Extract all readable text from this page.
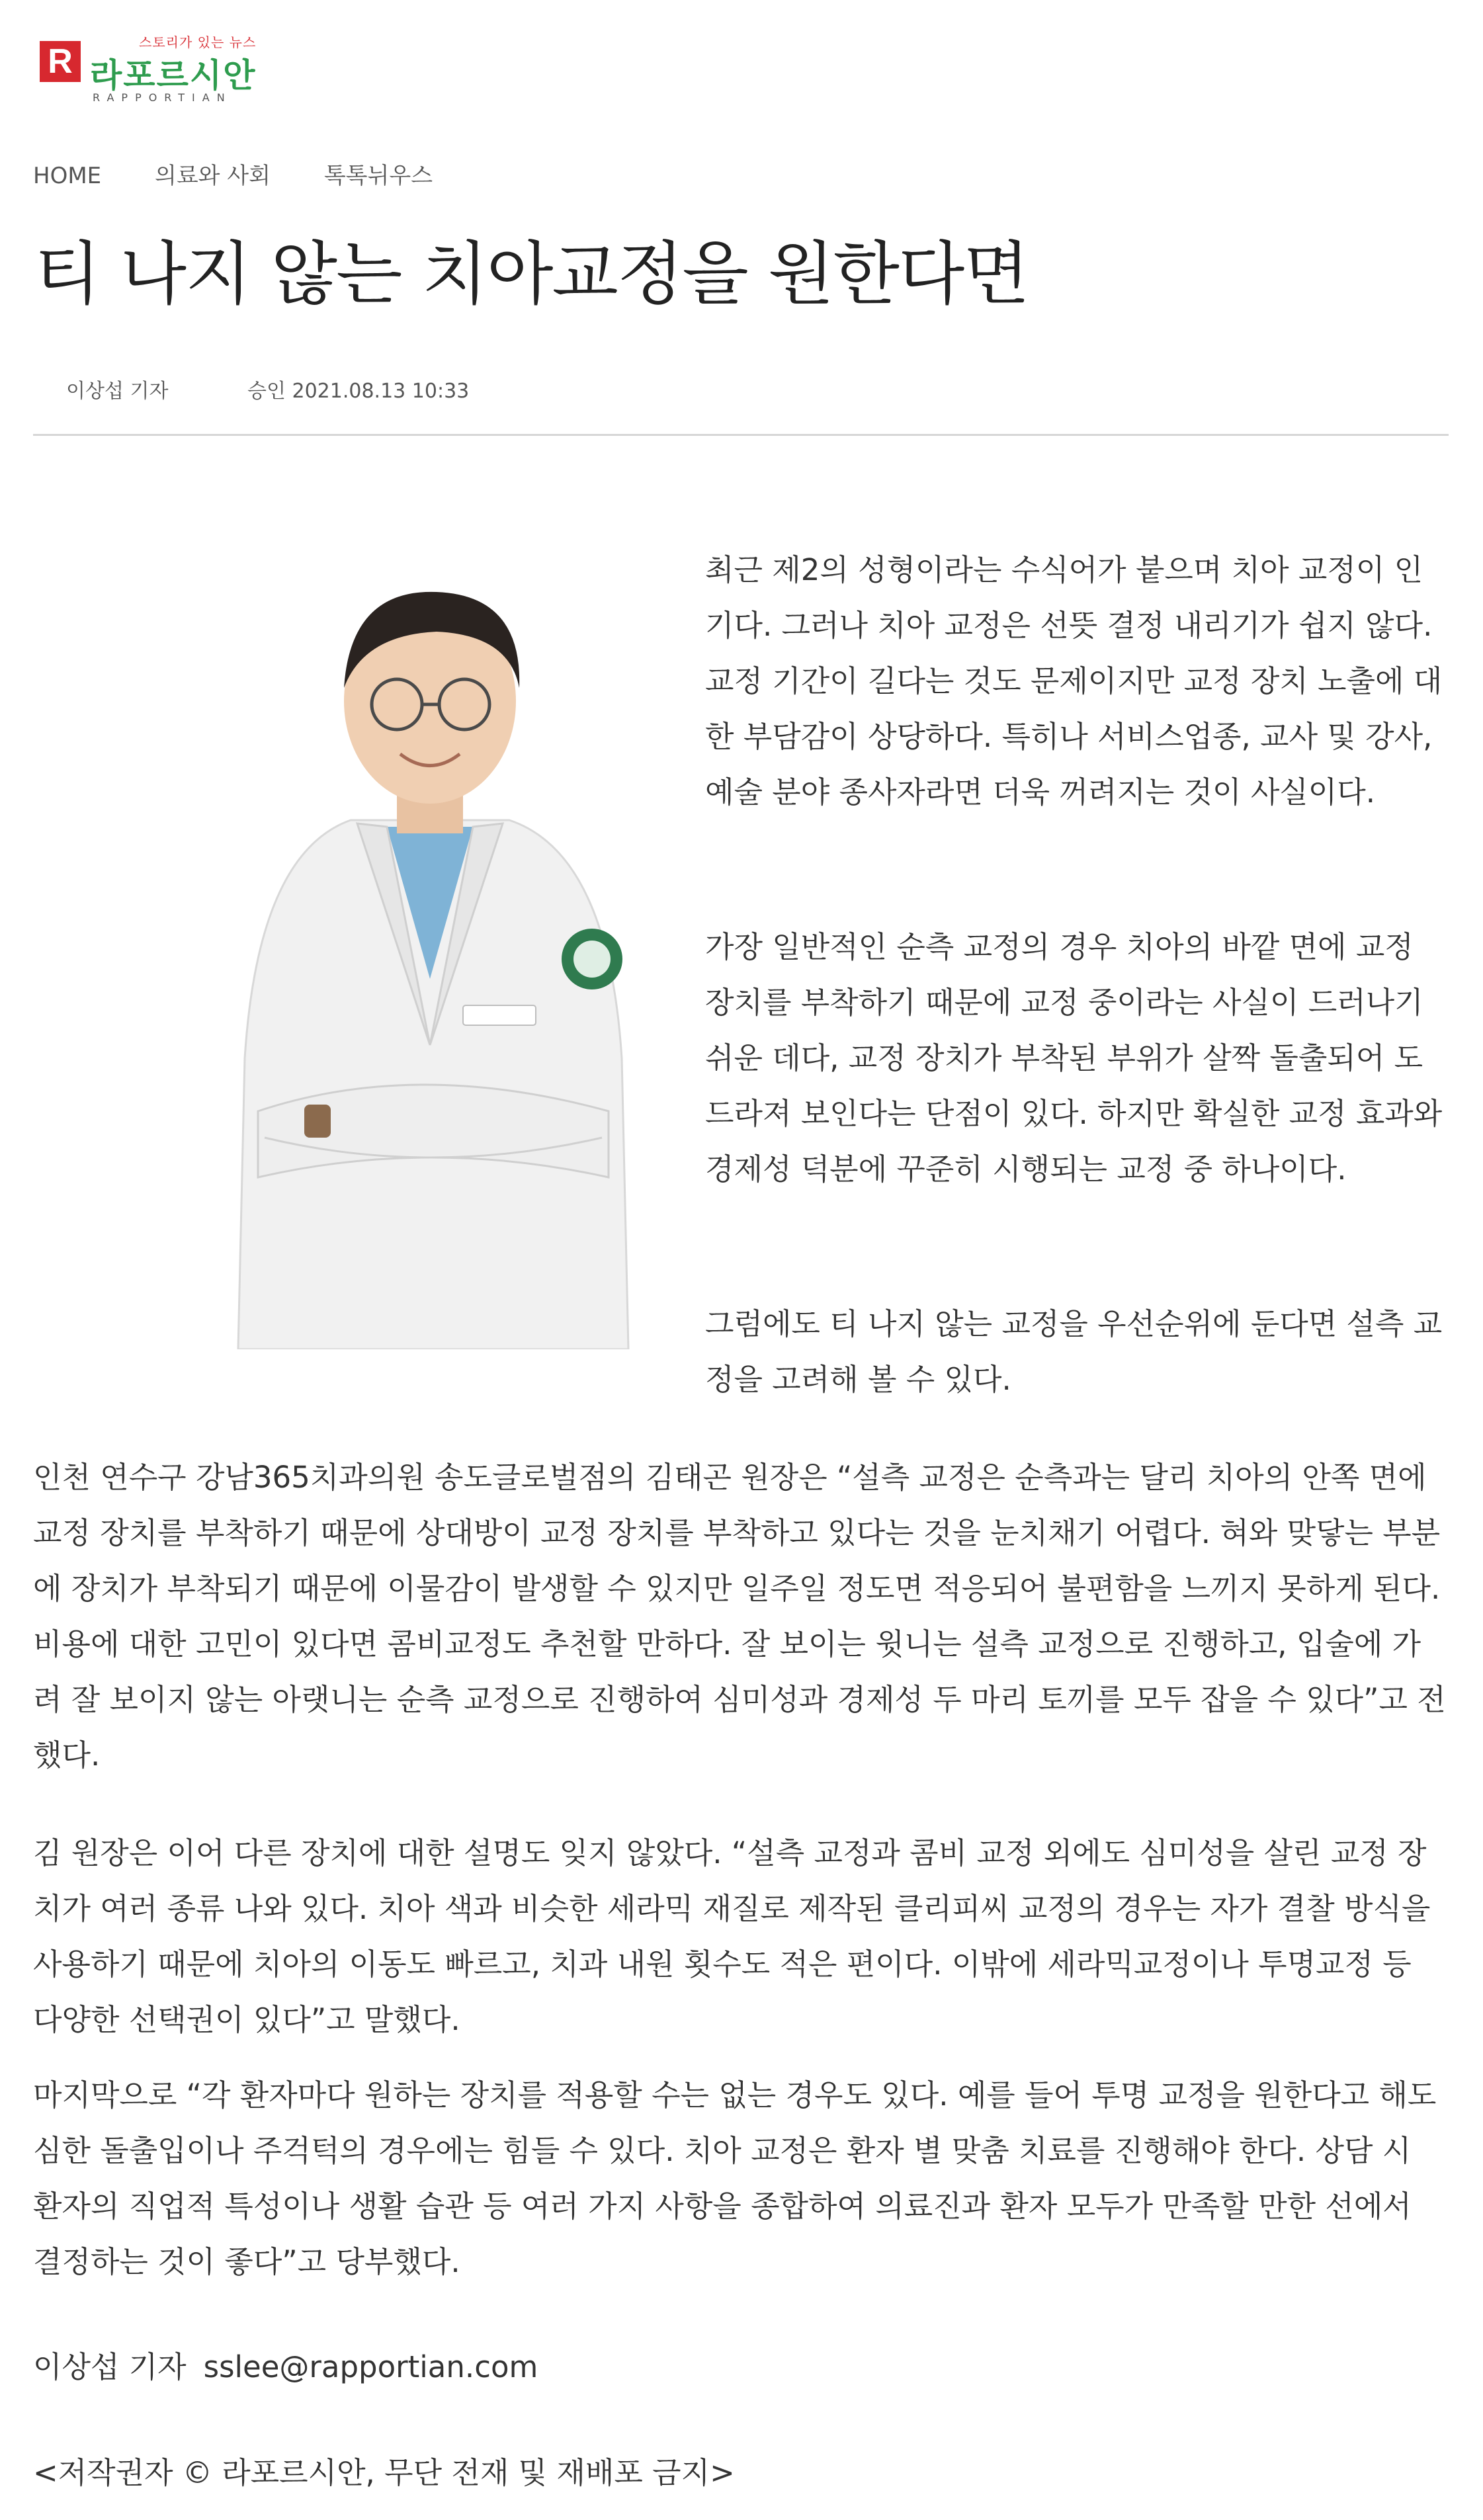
R	스토리가 있는 뉴스
라포르시안
RAPPORTIAN
HOME 의료와 사회 톡톡뉘우스
티 나지 않는 치아교정을 원한다면
이상섭 기자	승인 2021.08.13 10:33

최근 제2의 성형이라는 수식어가 붙으며 치아 교정이 인기다. 그러나 치아 교정은 선뜻 결정 내리기가 쉽지 않다. 교정 기간이 길다는 것도 문제이지만 교정 장치 노출에 대한 부담감이 상당하다. 특히나 서비스업종, 교사 및 강사, 예술 분야 종사자라면 더욱 꺼려지는 것이 사실이다.

가장 일반적인 순측 교정의 경우 치아의 바깥 면에 교정 장치를 부착하기 때문에 교정 중이라는 사실이 드러나기 쉬운 데다, 교정 장치가 부착된 부위가 살짝 돌출되어 도드라져 보인다는 단점이 있다. 하지만 확실한 교정 효과와 경제성 덕분에 꾸준히 시행되는 교정 중 하나이다.

그럼에도 티 나지 않는 교정을 우선순위에 둔다면 설측 교정을 고려해 볼 수 있다.

인천 연수구 강남365치과의원 송도글로벌점의 김태곤 원장은 “설측 교정은 순측과는 달리 치아의 안쪽 면에 교정 장치를 부착하기 때문에 상대방이 교정 장치를 부착하고 있다는 것을 눈치채기 어렵다. 혀와 맞닿는 부분에 장치가 부착되기 때문에 이물감이 발생할 수 있지만 일주일 정도면 적응되어 불편함을 느끼지 못하게 된다. 비용에 대한 고민이 있다면 콤비교정도 추천할 만하다. 잘 보이는 윗니는 설측 교정으로 진행하고, 입술에 가려 잘 보이지 않는 아랫니는 순측 교정으로 진행하여 심미성과 경제성 두 마리 토끼를 모두 잡을 수 있다”고 전했다.

김 원장은 이어 다른 장치에 대한 설명도 잊지 않았다. “설측 교정과 콤비 교정 외에도 심미성을 살린 교정 장치가 여러 종류 나와 있다. 치아 색과 비슷한 세라믹 재질로 제작된 클리피씨 교정의 경우는 자가 결찰 방식을 사용하기 때문에 치아의 이동도 빠르고, 치과 내원 횟수도 적은 편이다. 이밖에 세라믹교정이나 투명교정 등 다양한 선택권이 있다”고 말했다.

마지막으로 “각 환자마다 원하는 장치를 적용할 수는 없는 경우도 있다. 예를 들어 투명 교정을 원한다고 해도 심한 돌출입이나 주걱턱의 경우에는 힘들 수 있다. 치아 교정은 환자 별 맞춤 치료를 진행해야 한다. 상담 시 환자의 직업적 특성이나 생활 습관 등 여러 가지 사항을 종합하여 의료진과 환자 모두가 만족할 만한 선에서 결정하는 것이 좋다”고 당부했다.

이상섭 기자 sslee@rapportian.com
<저작권자 © 라포르시안, 무단 전재 및 재배포 금지>
